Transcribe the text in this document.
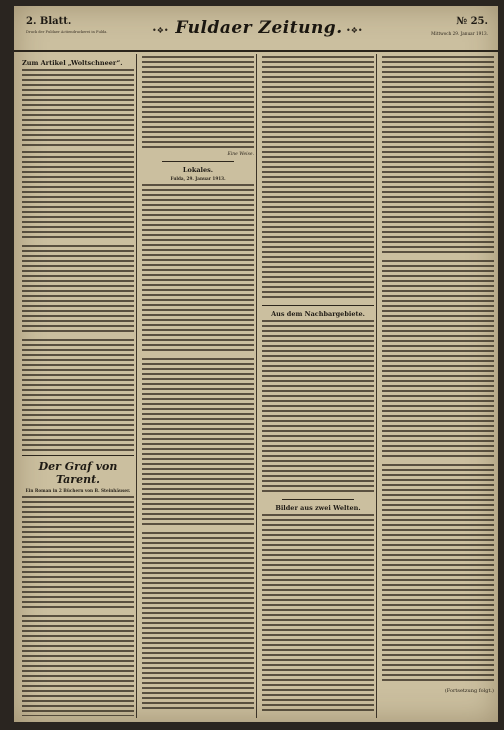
2. Blatt.
Druck der Fuldaer Actiendruckerei in Fulda.	•❖• Fuldaer Zeitung. •❖•
№ 25.
Mittwoch 29. Januar 1913.
Zum Artikel „Woltschneer“.
Der Graf von Tarent.
Ein Roman in 2 Büchern von B. Steinhäuser.
Eine Weise.
Lokales.
Fulda, 29. Januar 1913.
Aus dem Nachbargebiete.
Bilder aus zwei Welten.
(Fortsetzung folgt.)
